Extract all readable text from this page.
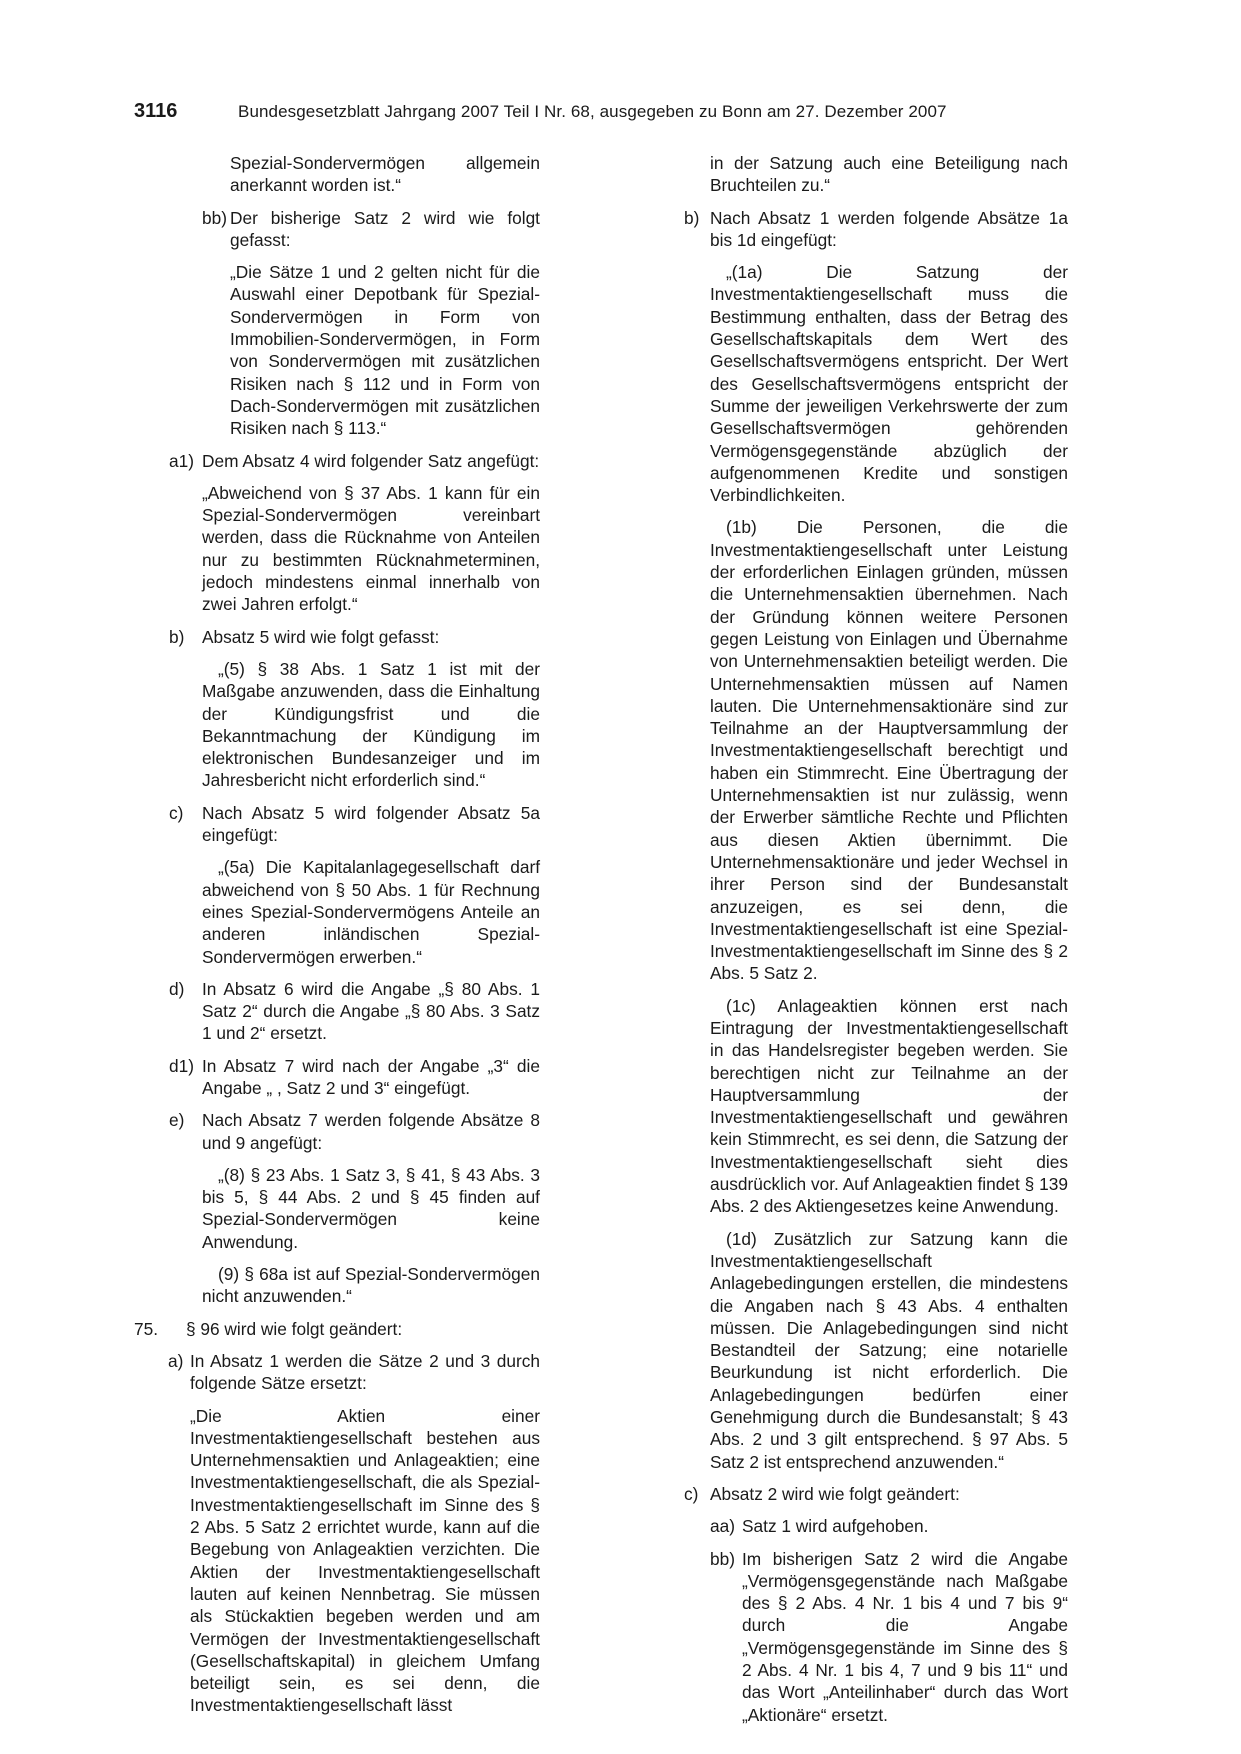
3116	Bundesgesetzblatt Jahrgang 2007 Teil I Nr. 68, ausgegeben zu Bonn am 27. Dezember 2007
Spezial-Sondervermögen allgemein anerkannt worden ist.“
bb) Der bisherige Satz 2 wird wie folgt gefasst:
„Die Sätze 1 und 2 gelten nicht für die Auswahl einer Depotbank für Spezial-Sondervermögen in Form von Immobilien-Sondervermögen, in Form von Sondervermögen mit zusätzlichen Risiken nach § 112 und in Form von Dach-Sondervermögen mit zusätzlichen Risiken nach § 113.“
a1) Dem Absatz 4 wird folgender Satz angefügt:
„Abweichend von § 37 Abs. 1 kann für ein Spezial-Sondervermögen vereinbart werden, dass die Rücknahme von Anteilen nur zu bestimmten Rücknahmeterminen, jedoch mindestens einmal innerhalb von zwei Jahren erfolgt.“
b) Absatz 5 wird wie folgt gefasst:
„(5) § 38 Abs. 1 Satz 1 ist mit der Maßgabe anzuwenden, dass die Einhaltung der Kündigungsfrist und die Bekanntmachung der Kündigung im elektronischen Bundesanzeiger und im Jahresbericht nicht erforderlich sind.“
c) Nach Absatz 5 wird folgender Absatz 5a eingefügt:
„(5a) Die Kapitalanlagegesellschaft darf abweichend von § 50 Abs. 1 für Rechnung eines Spezial-Sondervermögens Anteile an anderen inländischen Spezial-Sondervermögen erwerben.“
d) In Absatz 6 wird die Angabe „§ 80 Abs. 1 Satz 2“ durch die Angabe „§ 80 Abs. 3 Satz 1 und 2“ ersetzt.
d1) In Absatz 7 wird nach der Angabe „3“ die Angabe „ , Satz 2 und 3“ eingefügt.
e) Nach Absatz 7 werden folgende Absätze 8 und 9 angefügt:
„(8) § 23 Abs. 1 Satz 3, § 41, § 43 Abs. 3 bis 5, § 44 Abs. 2 und § 45 finden auf Spezial-Sondervermögen keine Anwendung.
(9) § 68a ist auf Spezial-Sondervermögen nicht anzuwenden.“
75. § 96 wird wie folgt geändert:
a) In Absatz 1 werden die Sätze 2 und 3 durch folgende Sätze ersetzt:
„Die Aktien einer Investmentaktiengesellschaft bestehen aus Unternehmensaktien und Anlageaktien; eine Investmentaktiengesellschaft, die als Spezial-Investmentaktiengesellschaft im Sinne des § 2 Abs. 5 Satz 2 errichtet wurde, kann auf die Begebung von Anlageaktien verzichten. Die Aktien der Investmentaktiengesellschaft lauten auf keinen Nennbetrag. Sie müssen als Stückaktien begeben werden und am Vermögen der Investmentaktiengesellschaft (Gesellschaftskapital) in gleichem Umfang beteiligt sein, es sei denn, die Investmentaktiengesellschaft lässt
in der Satzung auch eine Beteiligung nach Bruchteilen zu.“
b) Nach Absatz 1 werden folgende Absätze 1a bis 1d eingefügt:
„(1a) Die Satzung der Investmentaktiengesellschaft muss die Bestimmung enthalten, dass der Betrag des Gesellschaftskapitals dem Wert des Gesellschaftsvermögens entspricht. Der Wert des Gesellschaftsvermögens entspricht der Summe der jeweiligen Verkehrswerte der zum Gesellschaftsvermögen gehörenden Vermögensgegenstände abzüglich der aufgenommenen Kredite und sonstigen Verbindlichkeiten.
(1b) Die Personen, die die Investmentaktiengesellschaft unter Leistung der erforderlichen Einlagen gründen, müssen die Unternehmensaktien übernehmen. Nach der Gründung können weitere Personen gegen Leistung von Einlagen und Übernahme von Unternehmensaktien beteiligt werden. Die Unternehmensaktien müssen auf Namen lauten. Die Unternehmensaktionäre sind zur Teilnahme an der Hauptversammlung der Investmentaktiengesellschaft berechtigt und haben ein Stimmrecht. Eine Übertragung der Unternehmensaktien ist nur zulässig, wenn der Erwerber sämtliche Rechte und Pflichten aus diesen Aktien übernimmt. Die Unternehmensaktionäre und jeder Wechsel in ihrer Person sind der Bundesanstalt anzuzeigen, es sei denn, die Investmentaktiengesellschaft ist eine Spezial-Investmentaktiengesellschaft im Sinne des § 2 Abs. 5 Satz 2.
(1c) Anlageaktien können erst nach Eintragung der Investmentaktiengesellschaft in das Handelsregister begeben werden. Sie berechtigen nicht zur Teilnahme an der Hauptversammlung der Investmentaktiengesellschaft und gewähren kein Stimmrecht, es sei denn, die Satzung der Investmentaktiengesellschaft sieht dies ausdrücklich vor. Auf Anlageaktien findet § 139 Abs. 2 des Aktiengesetzes keine Anwendung.
(1d) Zusätzlich zur Satzung kann die Investmentaktiengesellschaft Anlagebedingungen erstellen, die mindestens die Angaben nach § 43 Abs. 4 enthalten müssen. Die Anlagebedingungen sind nicht Bestandteil der Satzung; eine notarielle Beurkundung ist nicht erforderlich. Die Anlagebedingungen bedürfen einer Genehmigung durch die Bundesanstalt; § 43 Abs. 2 und 3 gilt entsprechend. § 97 Abs. 5 Satz 2 ist entsprechend anzuwenden.“
c) Absatz 2 wird wie folgt geändert:
aa) Satz 1 wird aufgehoben.
bb) Im bisherigen Satz 2 wird die Angabe „Vermögensgegenstände nach Maßgabe des § 2 Abs. 4 Nr. 1 bis 4 und 7 bis 9“ durch die Angabe „Vermögensgegenstände im Sinne des § 2 Abs. 4 Nr. 1 bis 4, 7 und 9 bis 11“ und das Wort „Anteilinhaber“ durch das Wort „Aktionäre“ ersetzt.
